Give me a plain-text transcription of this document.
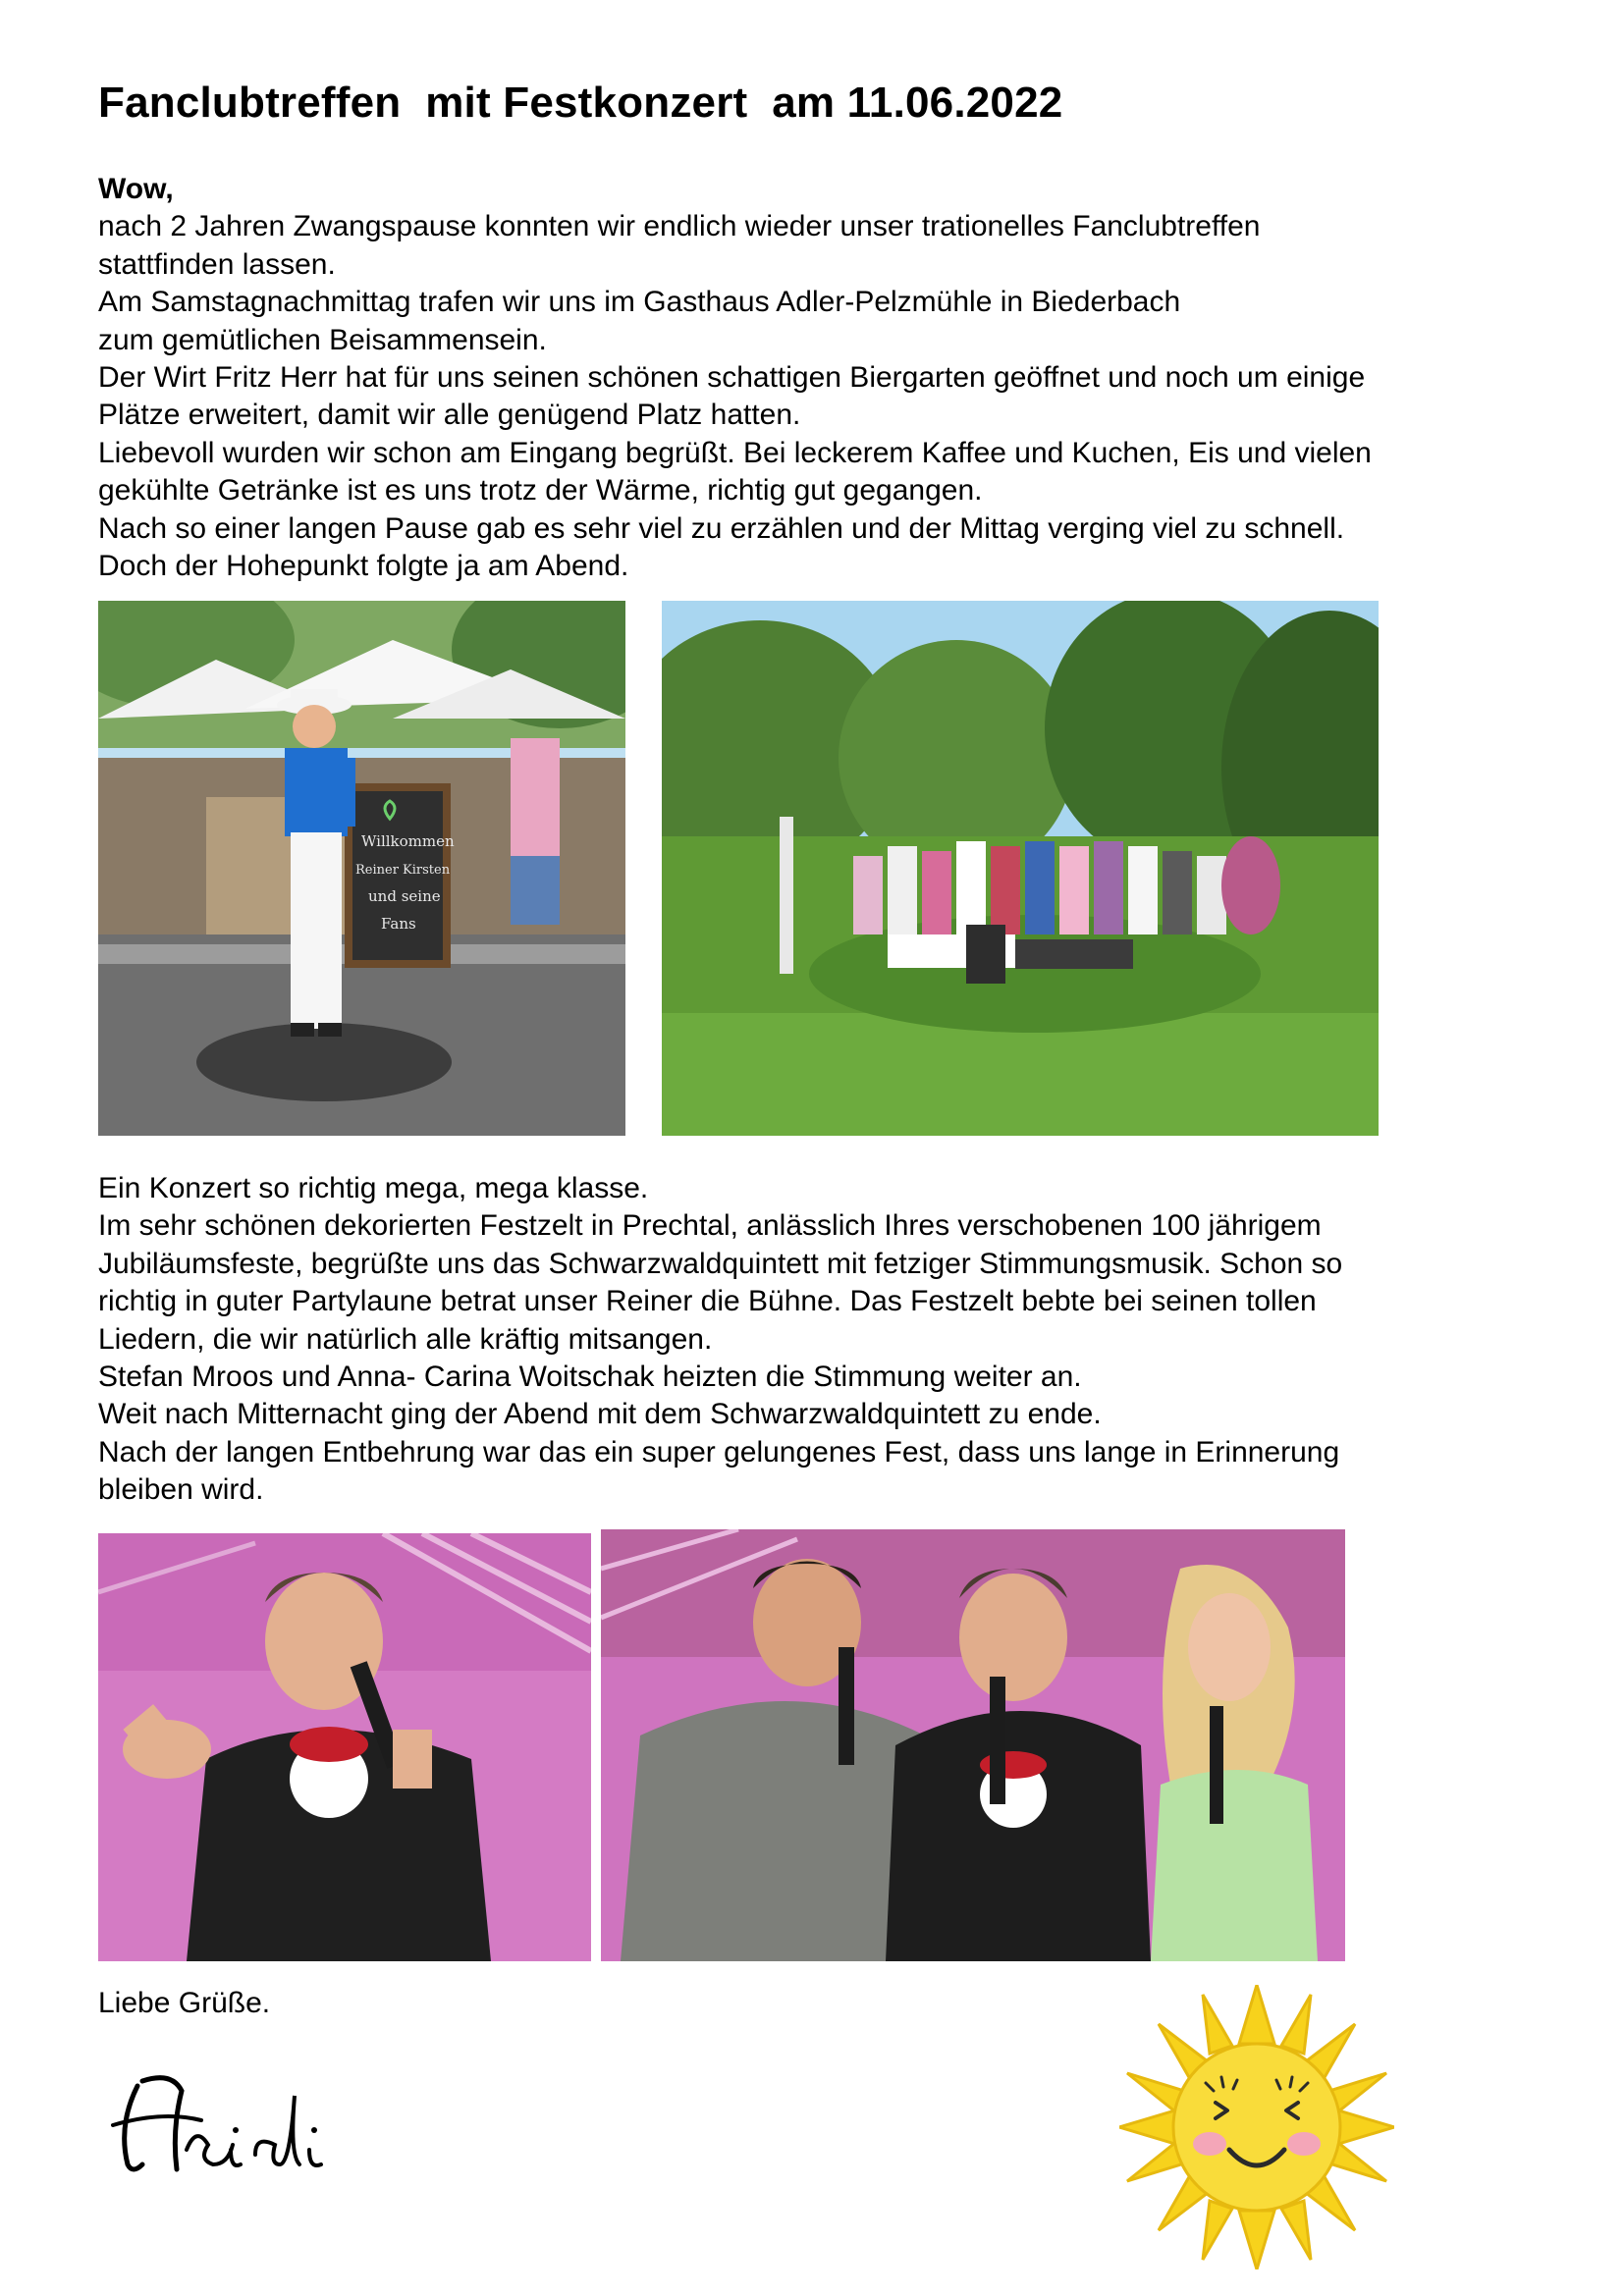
Fanclubtreffen  mit Festkonzert  am 11.06.2022

Wow,

nach 2 Jahren Zwangspause konnten wir endlich wieder unser trationelles Fanclubtreffen

stattfinden lassen.

Am Samstagnachmittag trafen wir uns im Gasthaus Adler-Pelzmühle in Biederbach

zum gemütlichen Beisammensein.

Der Wirt Fritz Herr hat für uns seinen schönen schattigen Biergarten geöffnet und noch um einige

Plätze erweitert, damit wir alle genügend Platz hatten.

Liebevoll wurden wir schon am Eingang begrüßt. Bei leckerem Kaffee und Kuchen, Eis und vielen

gekühlte Getränke ist es uns trotz der Wärme, richtig gut gegangen.

Nach so einer langen Pause gab es sehr viel zu erzählen und der Mittag verging viel zu schnell.

Doch der Hohepunkt folgte ja am Abend.

Willkommen
Reiner Kirsten
und seine
Fans

Ein Konzert so richtig mega, mega klasse.

Im sehr schönen dekorierten Festzelt in Prechtal, anlässlich Ihres verschobenen 100 jährigem

Jubiläumsfeste, begrüßte uns das Schwarzwaldquintett mit fetziger Stimmungsmusik. Schon so

richtig in guter Partylaune betrat unser Reiner die Bühne. Das Festzelt bebte bei seinen tollen

Liedern, die wir natürlich alle kräftig mitsangen.

Stefan Mroos und Anna- Carina Woitschak heizten die Stimmung weiter an.

Weit nach Mitternacht ging der Abend mit dem Schwarzwaldquintett zu ende.

Nach der langen Entbehrung war das ein super gelungenes Fest, dass uns lange in Erinnerung

bleiben wird.

Liebe Grüße.
